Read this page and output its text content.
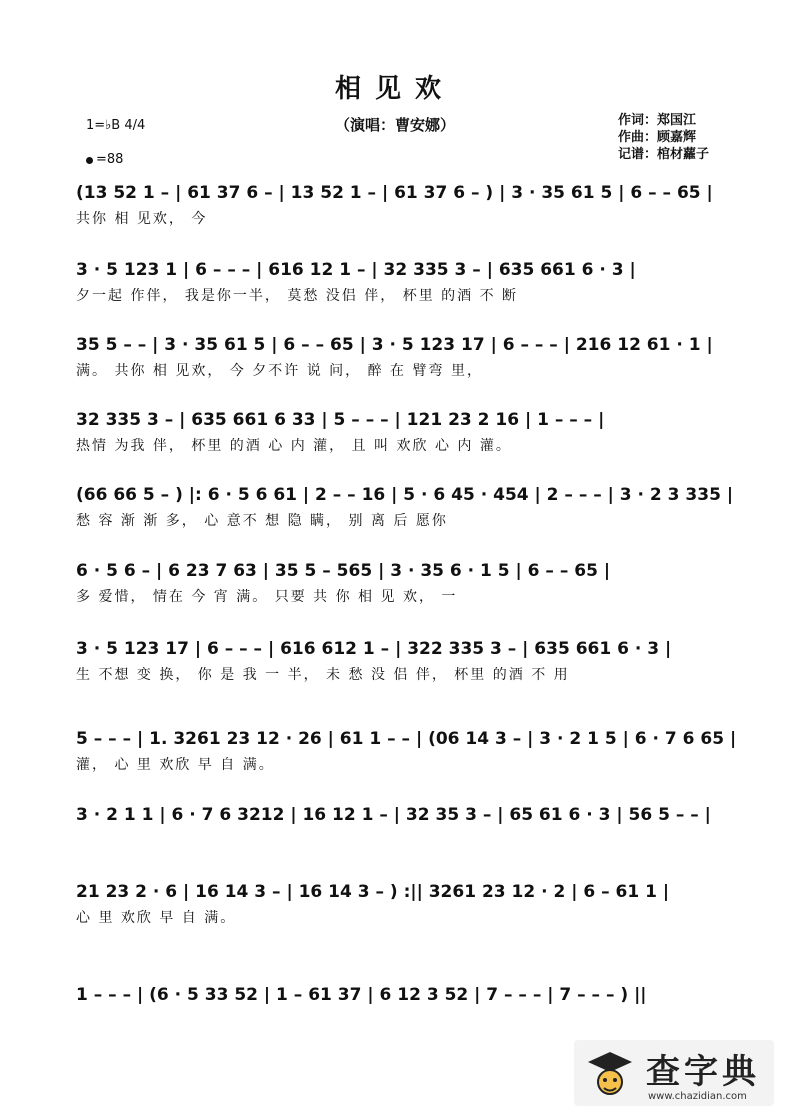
相见欢
（演唱：曹安娜）
1=♭B 4/4
=88
作词：郑国江
作曲：顾嘉辉
记谱：棺材蘿子
(13 52 1 – | 61 37 6 – | 13 52 1 – | 61 37 6 – ) | 3 · 35 61 5 | 6 – – 65 |
共你 相 见欢， 今
3 · 5 123 1 | 6 – – – | 616 12 1 – | 32 335 3 – | 635 661 6 · 3 |
夕一起 作伴， 我是你一半， 莫愁 没侣 伴， 杯里 的酒 不 断
35 5 – – | 3 · 35 61 5 | 6 – – 65 | 3 · 5 123 17 | 6 – – – | 216 12 61 · 1 |
满。 共你 相 见欢， 今 夕不许 说 问， 醉 在 臂弯 里，
32 335 3 – | 635 661 6 33 | 5 – – – | 121 23 2 16 | 1 – – – |
热情 为我 伴， 杯里 的酒 心 内 灌， 且 叫 欢欣 心 内 灌。
(66 66 5 – ) |: 6 · 5 6 61 | 2 – – 16 | 5 · 6 45 · 454 | 2 – – – | 3 · 2 3 335 |
愁 容 渐 渐 多， 心 意不 想 隐 瞒， 别 离 后 愿你
6 · 5 6 – | 6 23 7 63 | 35 5 – 565 | 3 · 35 6 · 1 5 | 6 – – 65 |
多 爱惜， 情在 今 宵 满。 只要 共 你 相 见 欢， 一
3 · 5 123 17 | 6 – – – | 616 612 1 – | 322 335 3 – | 635 661 6 · 3 |
生 不想 变 换， 你 是 我 一 半， 未 愁 没 侣 伴， 杯里 的酒 不 用
5 – – – | 1. 3261 23 12 · 26 | 61 1 – – | (06 14 3 – | 3 · 2 1 5 | 6 · 7 6 65 |
灌， 心 里 欢欣 早 自 满。
3 · 2 1 1 | 6 · 7 6 3212 | 16 12 1 – | 32 35 3 – | 65 61 6 · 3 | 56 5 – – |
21 23 2 · 6 | 16 14 3 – | 16 14 3 – ) :|| 3261 23 12 · 2 | 6 – 61 1 |
心 里 欢欣 早 自 满。
1 – – – | (6 · 5 33 52 | 1 – 61 37 | 6 12 3 52 | 7 – – – | 7 – – – ) ||
查字典
www.chazidian.com
